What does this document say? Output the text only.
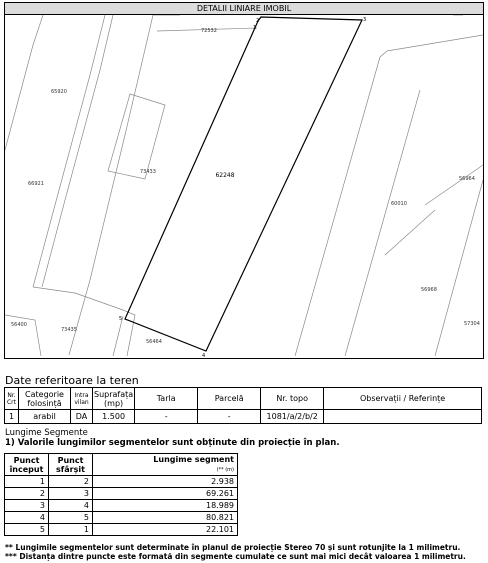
DETALII LINIARE IMOBIL
62248
72532
65920
66921
73433
60010
56964
56968
56400
73435
56464
57304
1
2	3
4
5
Date referitoare la teren
Nr. Crt	Categorie folosință	Intra vilan	Suprafața (mp)	Tarla	Parcelă	Nr. topo	Observații / Referințe
1	arabil	DA	1.500	-	-	1081/a/2/b/2	
Lungime Segmente
1) Valorile lungimilor segmentelor sunt obținute din proiecție în plan.
Punct început	Punct sfârșit	Lungime segment
(** (m)
1	2	2.938
2	3	69.261
3	4	18.989
4	5	80.821
5	1	22.101
** Lungimile segmentelor sunt determinate în planul de proiecție Stereo 70 și sunt rotunjite la 1 milimetru.
*** Distanța dintre puncte este formată din segmente cumulate ce sunt mai mici decât valoarea 1 milimetru.
